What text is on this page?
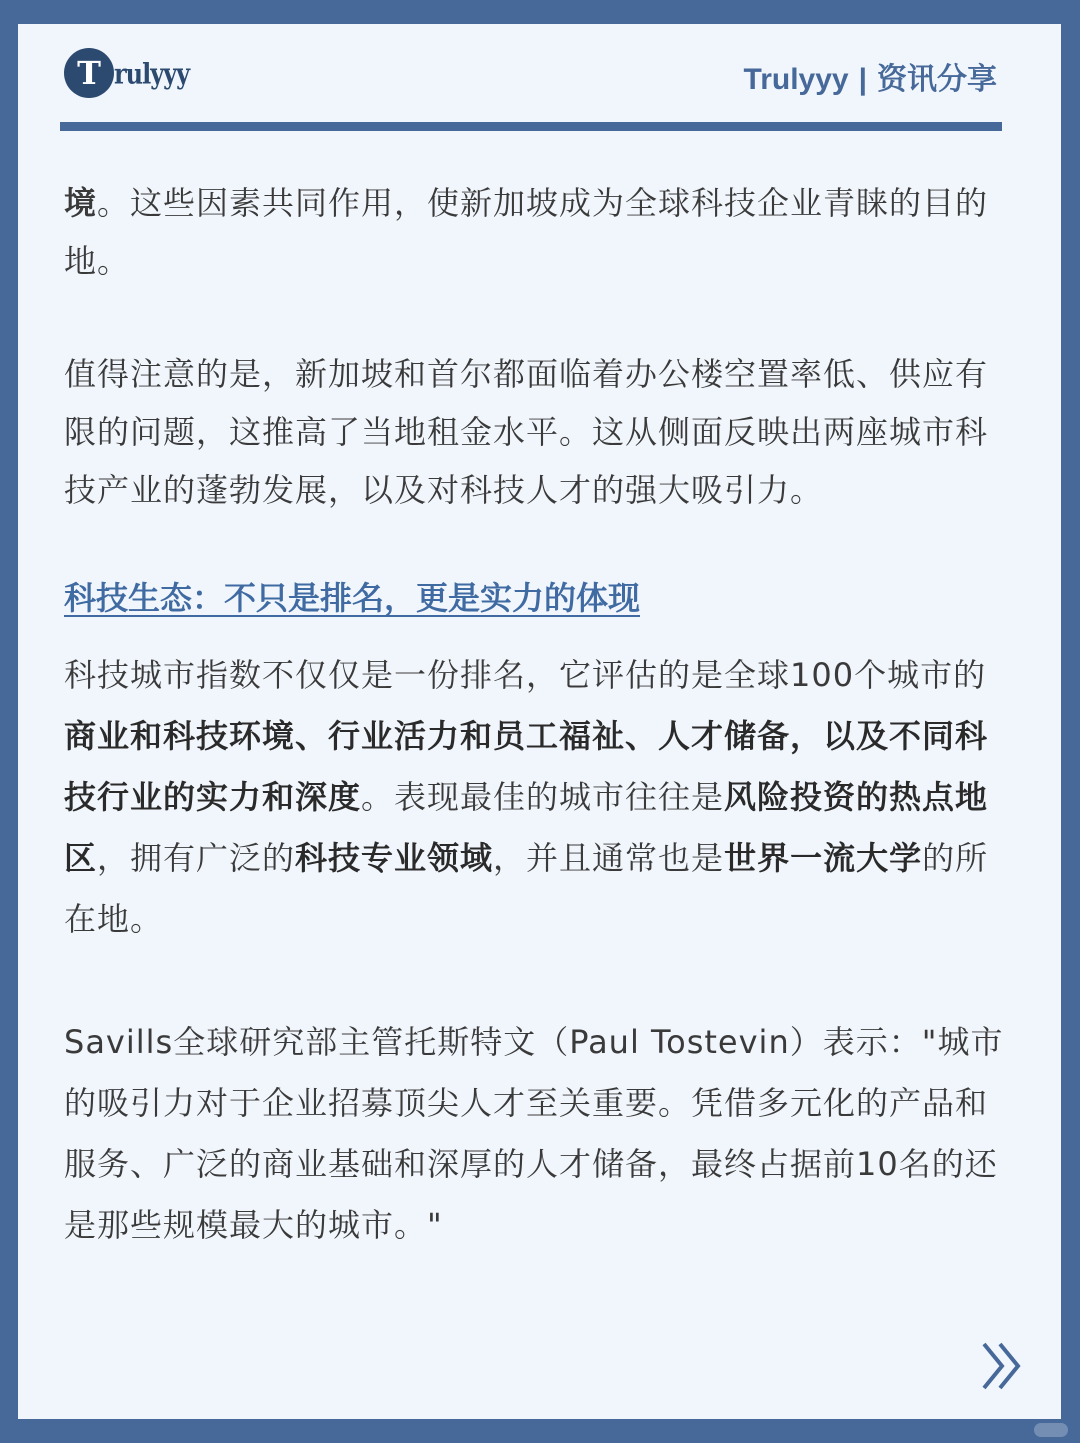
T rulyyy	Trulyyy | 资讯分享

境。这些因素共同作用，使新加坡成为全球科技企业青睐的目的地。

值得注意的是，新加坡和首尔都面临着办公楼空置率低、供应有限的问题，这推高了当地租金水平。这从侧面反映出两座城市科技产业的蓬勃发展，以及对科技人才的强大吸引力。

科技生态：不只是排名，更是实力的体现

科技城市指数不仅仅是一份排名，它评估的是全球100个城市的商业和科技环境、行业活力和员工福祉、人才储备，以及不同科技行业的实力和深度。表现最佳的城市往往是风险投资的热点地区，拥有广泛的科技专业领域，并且通常也是世界一流大学的所在地。

Savills全球研究部主管托斯特文（Paul Tostevin）表示："城市的吸引力对于企业招募顶尖人才至关重要。凭借多元化的产品和服务、广泛的商业基础和深厚的人才储备，最终占据前10名的还是那些规模最大的城市。"
